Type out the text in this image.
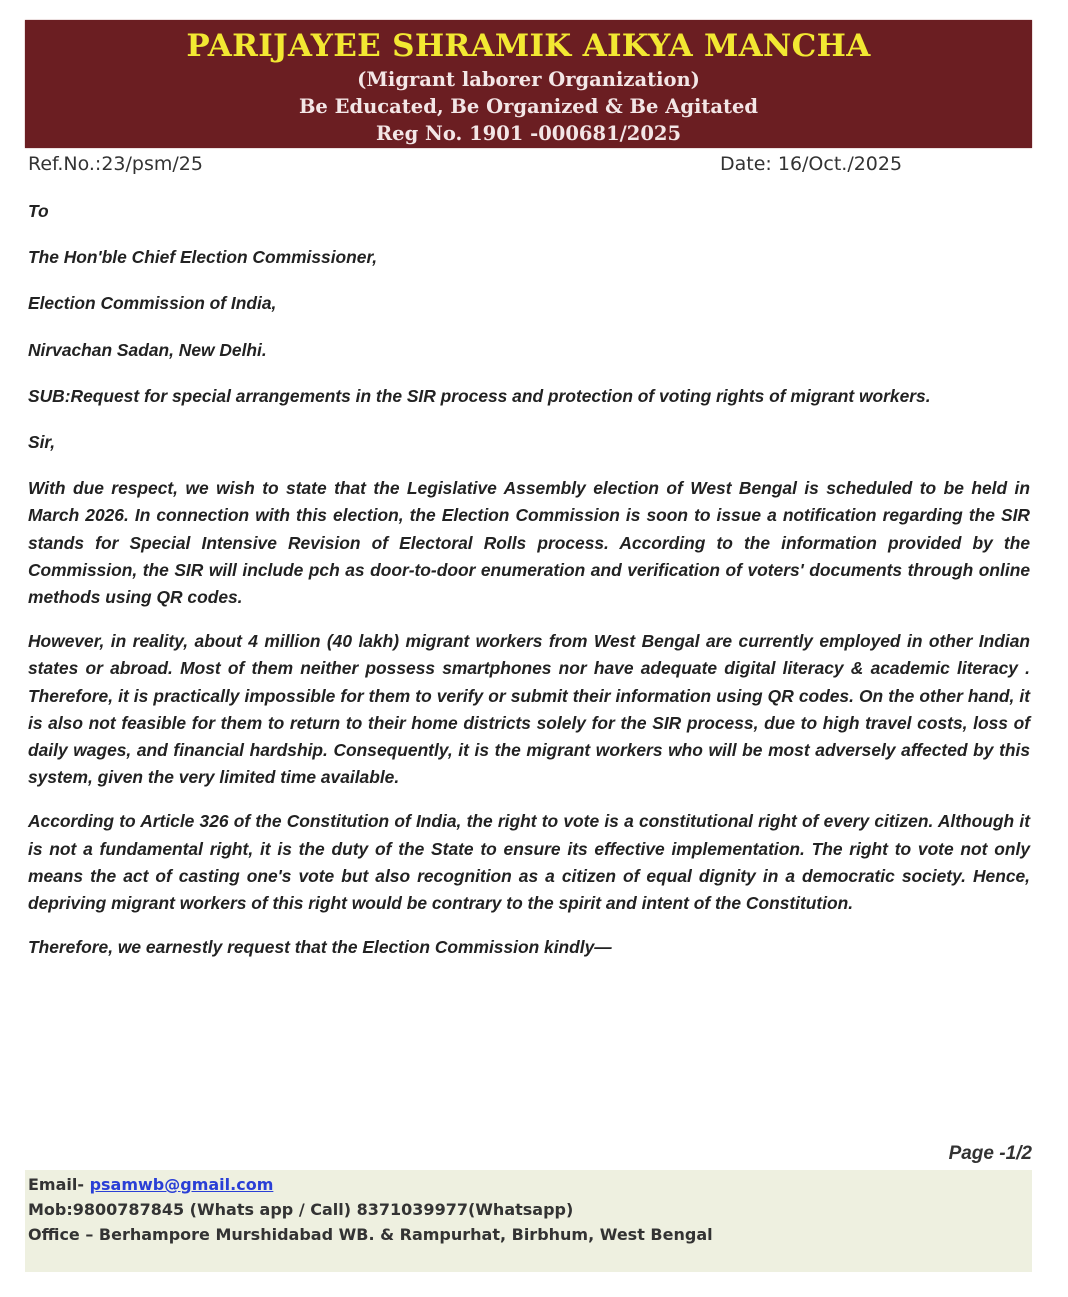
PARIJAYEE SHRAMIK AIKYA MANCHA
(Migrant laborer Organization)
Be Educated, Be Organized & Be Agitated
Reg No. 1901 -000681/2025
Ref.No.:23/psm/25	Date: 16/Oct./2025

To

The Hon'ble Chief Election Commissioner,

Election Commission of India,

Nirvachan Sadan, New Delhi.

SUB:Request for special arrangements in the SIR process and protection of voting rights of migrant workers.

Sir,

With due respect, we wish to state that the Legislative Assembly election of West Bengal is scheduled to be held in March 2026. In connection with this election, the Election Commission is soon to issue a notification regarding the SIR stands for Special Intensive Revision of Electoral Rolls process. According to the information provided by the Commission, the SIR will include pch as door-to-door enumeration and verification of voters' documents through online methods using QR codes.

However, in reality, about 4 million (40 lakh) migrant workers from West Bengal are currently employed in other Indian states or abroad. Most of them neither possess smartphones nor have adequate digital literacy & academic literacy . Therefore, it is practically impossible for them to verify or submit their information using QR codes. On the other hand, it is also not feasible for them to return to their home districts solely for the SIR process, due to high travel costs, loss of daily wages, and financial hardship. Consequently, it is the migrant workers who will be most adversely affected by this system, given the very limited time available.

According to Article 326 of the Constitution of India, the right to vote is a constitutional right of every citizen. Although it is not a fundamental right, it is the duty of the State to ensure its effective implementation. The right to vote not only means the act of casting one's vote but also recognition as a citizen of equal dignity in a democratic society. Hence, depriving migrant workers of this right would be contrary to the spirit and intent of the Constitution.

Therefore, we earnestly request that the Election Commission kindly—

Page -1/2
Email- psamwb@gmail.com
Mob:9800787845 (Whats app / Call) 8371039977(Whatsapp)
Office – Berhampore Murshidabad WB. & Rampurhat, Birbhum, West Bengal
